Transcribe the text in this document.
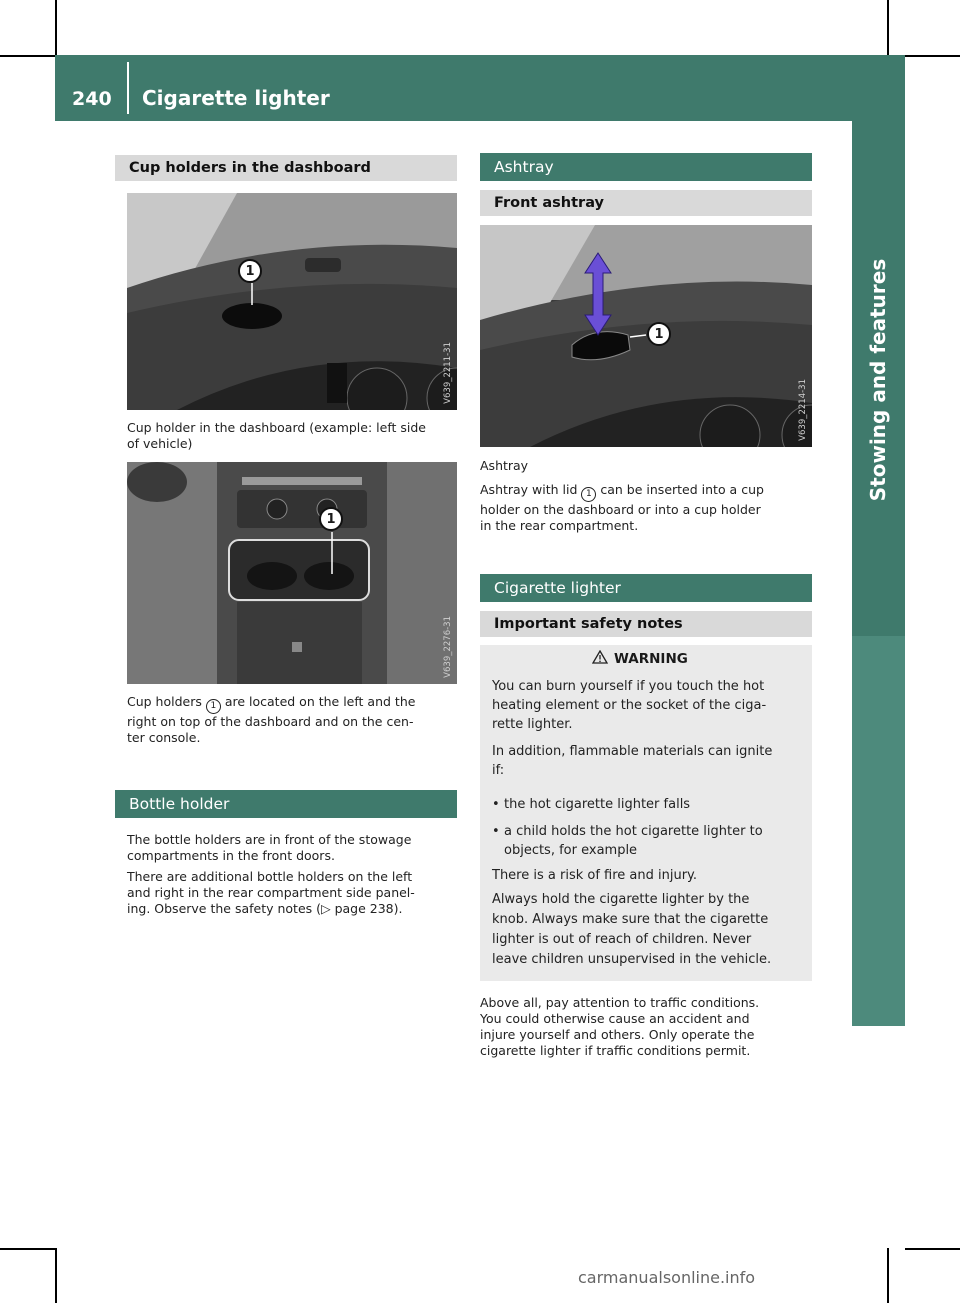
240 Cigarette lighter
Stowing and features
Cup holders in the dashboard
1
V639_2211-31
Cup holder in the dashboard (example: left side
of vehicle)
1
V639_2276-31
Cup holders 1 are located on the left and the
right on top of the dashboard and on the cen-
ter console.
Bottle holder
The bottle holders are in front of the stowage
compartments in the front doors.
There are additional bottle holders on the left
and right in the rear compartment side panel-
ing. Observe the safety notes (▷ page 238).
Ashtray
Front ashtray
1
V639_2214-31
Ashtray
Ashtray with lid 1 can be inserted into a cup
holder on the dashboard or into a cup holder
in the rear compartment.
Cigarette lighter
Important safety notes
WARNING
You can burn yourself if you touch the hot
heating element or the socket of the ciga-
rette lighter.
In addition, flammable materials can ignite
if:
• the hot cigarette lighter falls
• a child holds the hot cigarette lighter to
objects, for example
There is a risk of fire and injury.
Always hold the cigarette lighter by the
knob. Always make sure that the cigarette
lighter is out of reach of children. Never
leave children unsupervised in the vehicle.
Above all, pay attention to traffic conditions.
You could otherwise cause an accident and
injure yourself and others. Only operate the
cigarette lighter if traffic conditions permit.
carmanualsonline.info
